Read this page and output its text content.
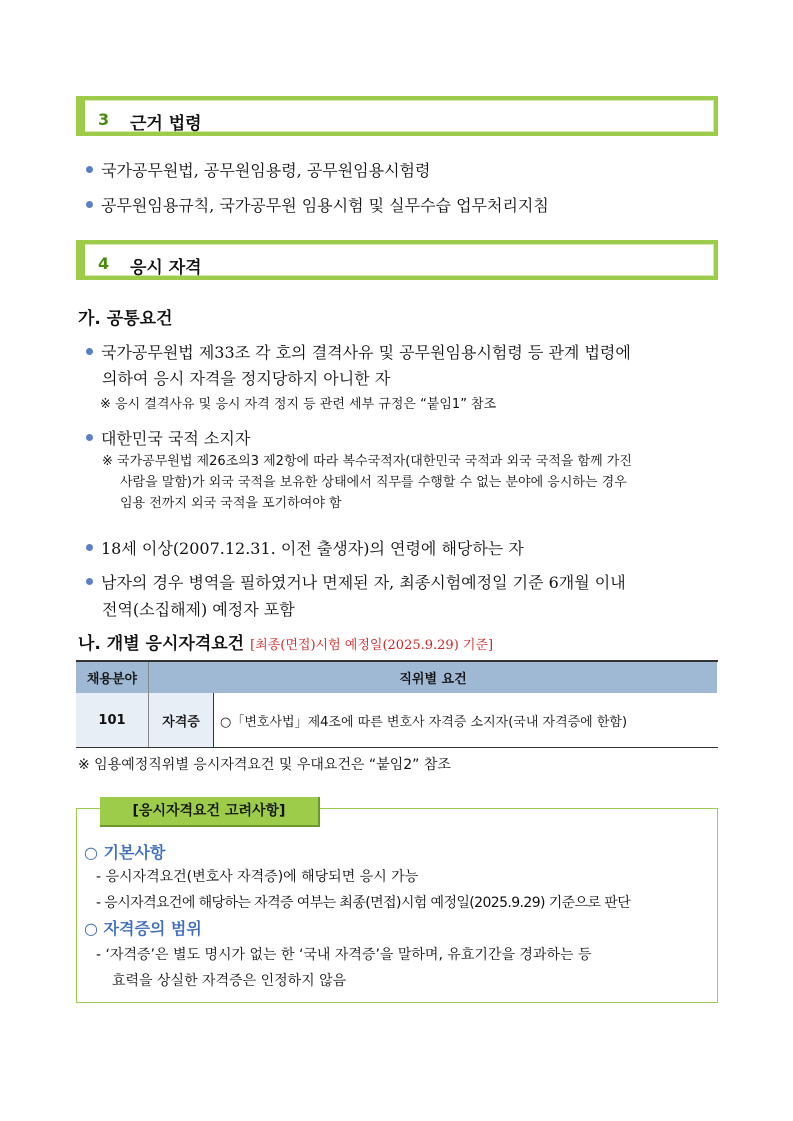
3 근거 법령
국가공무원법, 공무원임용령, 공무원임용시험령
공무원임용규칙, 국가공무원 임용시험 및 실무수습 업무처리지침
4 응시 자격
가. 공통요건
국가공무원법 제33조 각 호의 결격사유 및 공무원임용시험령 등 관계 법령에
의하여 응시 자격을 정지당하지 아니한 자
※ 응시 결격사유 및 응시 자격 정지 등 관련 세부 규정은 “붙임1” 참조
대한민국 국적 소지자
※ 국가공무원법 제26조의3 제2항에 따라 복수국적자(대한민국 국적과 외국 국적을 함께 가진
사람을 말함)가 외국 국적을 보유한 상태에서 직무를 수행할 수 없는 분야에 응시하는 경우
임용 전까지 외국 국적을 포기하여야 함
18세 이상(2007.12.31. 이전 출생자)의 연령에 해당하는 자
남자의 경우 병역을 필하였거나 면제된 자, 최종시험예정일 기준 6개월 이내
전역(소집해제) 예정자 포함
나. 개별 응시자격요건 [최종(면접)시험 예정일(2025.9.29) 기준]
채용분야	직위별 요건	
101	자격증	○「변호사법」제4조에 따른 변호사 자격증 소지자(국내 자격증에 한함)
※ 임용예정직위별 응시자격요건 및 우대요건은 “붙임2” 참조
[응시자격요건 고려사항]
○ 기본사항
- 응시자격요건(변호사 자격증)에 해당되면 응시 가능
- 응시자격요건에 해당하는 자격증 여부는 최종(면접)시험 예정일(2025.9.29) 기준으로 판단
○ 자격증의 범위
- ‘자격증’은 별도 명시가 없는 한 ‘국내 자격증’을 말하며, 유효기간을 경과하는 등
효력을 상실한 자격증은 인정하지 않음
